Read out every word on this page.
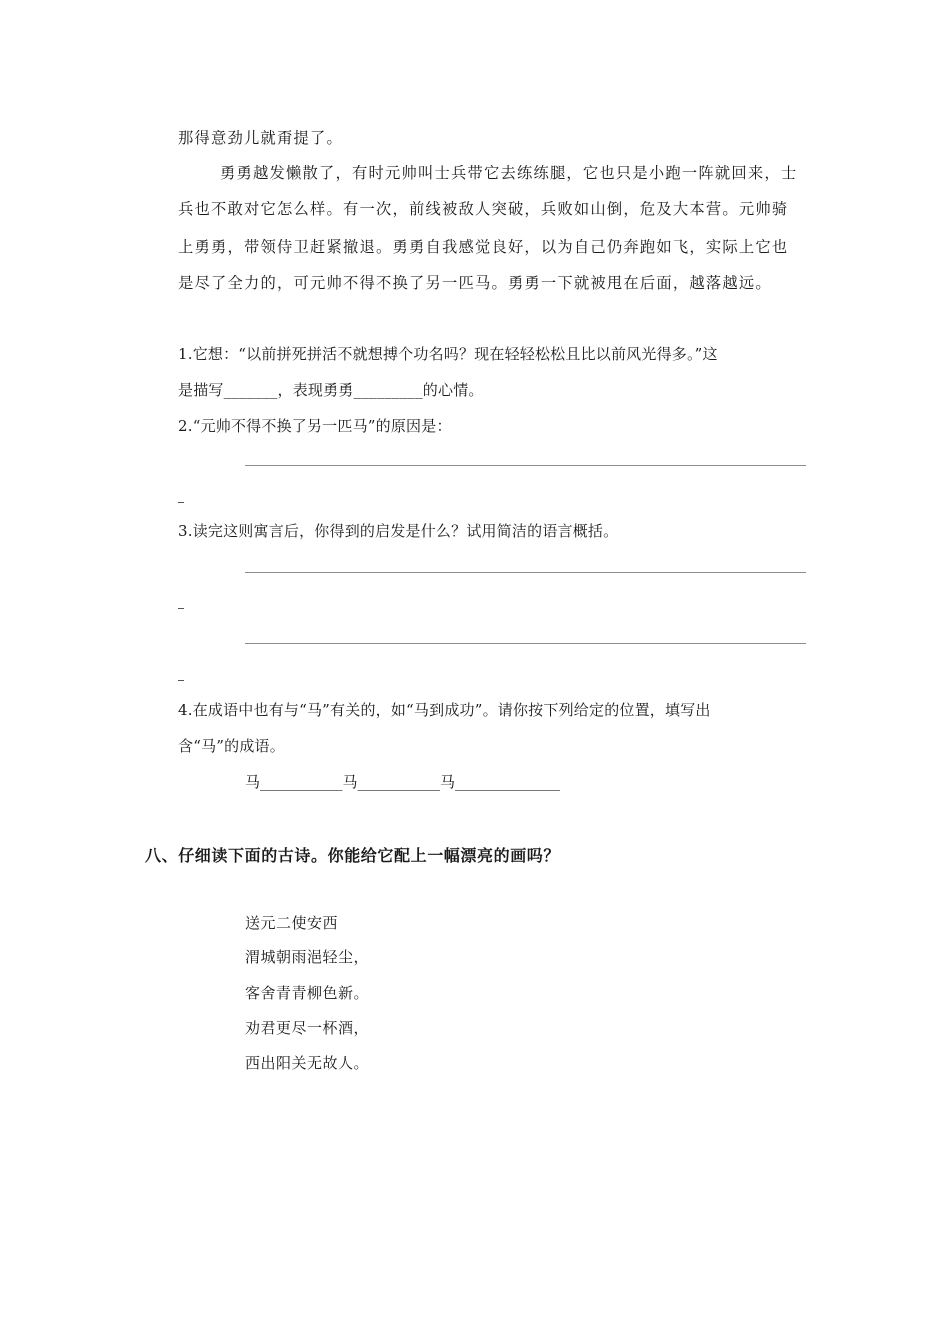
那得意劲儿就甭提了。
勇勇越发懒散了，有时元帅叫士兵带它去练练腿，它也只是小跑一阵就回来，士
兵也不敢对它怎么样。有一次，前线被敌人突破，兵败如山倒，危及大本营。元帅骑
上勇勇，带领侍卫赶紧撤退。勇勇自我感觉良好，以为自己仍奔跑如飞，实际上它也
是尽了全力的，可元帅不得不换了另一匹马。勇勇一下就被甩在后面，越落越远。
1.它想：“以前拼死拼活不就想搏个功名吗？现在轻轻松松且比以前风光得多。”这
是描写_______，表现勇勇_________的心情。
2.“元帅不得不换了另一匹马”的原因是：
3.读完这则寓言后，你得到的启发是什么？试用简洁的语言概括。
4.在成语中也有与“马”有关的，如“马到成功”。请你按下列给定的位置，填写出
含“马”的成语。
马___________马___________马______________
八、仔细读下面的古诗。你能给它配上一幅漂亮的画吗？
送元二使安西
渭城朝雨浥轻尘，
客舍青青柳色新。
劝君更尽一杯酒，
西出阳关无故人。
